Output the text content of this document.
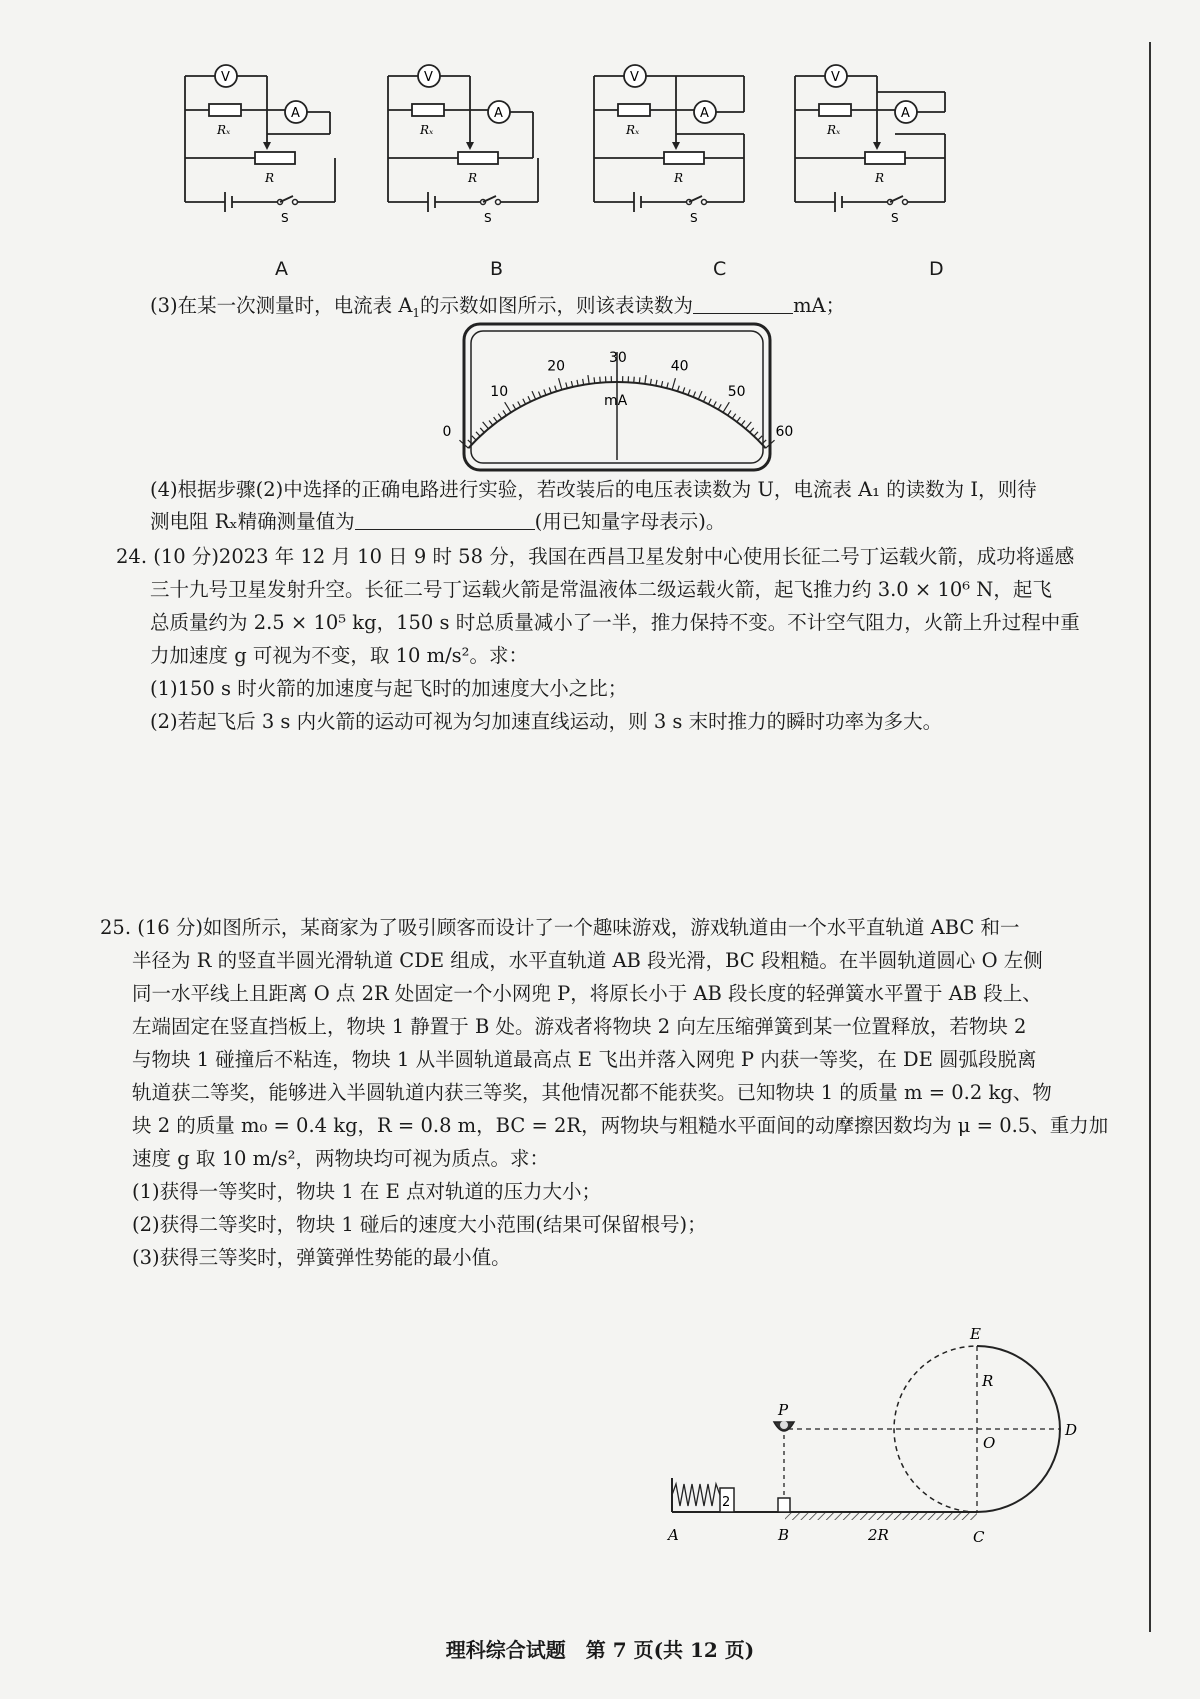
V
Rₓ
A
R
S
V
Rₓ
A
R
S
V
Rₓ
A
R
S
V
Rₓ
A
R
S
A	B	C	D
(3)在某一次测量时，电流表 $A_1$的示数如图所示，则该表读数为	mA；
0
10
20
30
40
50
60
mA
(4)根据步骤(2)中选择的正确电路进行实验，若改装后的电压表读数为 U，电流表 A₁ 的读数为 I，则待
测电阻 Rₓ精确测量值为	(用已知量字母表示)。
24. (10 分)2023 年 12 月 10 日 9 时 58 分，我国在西昌卫星发射中心使用长征二号丁运载火箭，成功将遥感
三十九号卫星发射升空。长征二号丁运载火箭是常温液体二级运载火箭，起飞推力约 3.0 × 10⁶ N，起飞
总质量约为 2.5 × 10⁵ kg，150 s 时总质量减小了一半，推力保持不变。不计空气阻力，火箭上升过程中重
力加速度 g 可视为不变，取 10 m/s²。求：
(1)150 s 时火箭的加速度与起飞时的加速度大小之比；
(2)若起飞后 3 s 内火箭的运动可视为匀加速直线运动，则 3 s 末时推力的瞬时功率为多大。
25. (16 分)如图所示，某商家为了吸引顾客而设计了一个趣味游戏，游戏轨道由一个水平直轨道 ABC 和一
半径为 R 的竖直半圆光滑轨道 CDE 组成，水平直轨道 AB 段光滑，BC 段粗糙。在半圆轨道圆心 O 左侧
同一水平线上且距离 O 点 2R 处固定一个小网兜 P，将原长小于 AB 段长度的轻弹簧水平置于 AB 段上、
左端固定在竖直挡板上，物块 1 静置于 B 处。游戏者将物块 2 向左压缩弹簧到某一位置释放，若物块 2
与物块 1 碰撞后不粘连，物块 1 从半圆轨道最高点 E 飞出并落入网兜 P 内获一等奖，在 DE 圆弧段脱离
轨道获二等奖，能够进入半圆轨道内获三等奖，其他情况都不能获奖。已知物块 1 的质量 m = 0.2 kg、物
块 2 的质量 m₀ = 0.4 kg，R = 0.8 m，BC = 2R，两物块与粗糙水平面间的动摩擦因数均为 μ = 0.5、重力加
速度 g 取 10 m/s²，两物块均可视为质点。求：
(1)获得一等奖时，物块 1 在 E 点对轨道的压力大小；
(2)获得二等奖时，物块 1 碰后的速度大小范围(结果可保留根号)；
(3)获得三等奖时，弹簧弹性势能的最小值。
2
E
R
P
O
D
A	B	2R	C
理科综合试题　第 7 页(共 12 页)
